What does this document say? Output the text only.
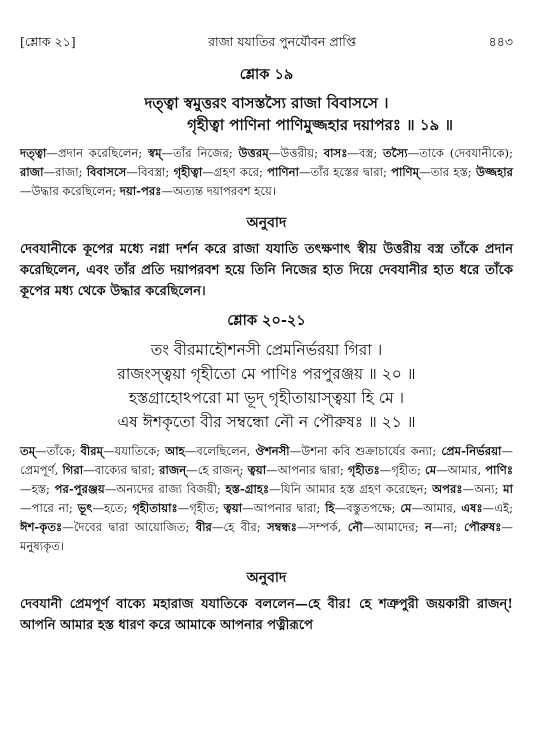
[শ্লোক ২১]	রাজা যযাতির পুনর্যৌবন প্রাপ্তি	৪৪৩
শ্লোক ১৯
দত্ত্বা স্বমুত্তরং বাসস্তস্যৈ রাজা বিবাসসে ।
গৃহীত্বা পাণিনা পাণিমুজ্জহার দয়াপরঃ ॥ ১৯ ॥
দত্ত্বা—প্রদান করেছিলেন; স্বম্—তাঁর নিজের; উত্তরম্—উত্তরীয়; বাসঃ—বস্ত্র; তস্যৈ—তাকে (দেবযানীকে); রাজা—রাজা; বিবাসসে—বিবস্ত্রা; গৃহীত্বা—গ্রহণ করে; পাণিনা—তাঁর হস্তের দ্বারা; পাণিম্—তার হস্ত; উজ্জহার—উদ্ধার করেছিলেন; দয়া-পরঃ—অত্যন্ত দয়াপরবশ হয়ে।
অনুবাদ
দেবযানীকে কূপের মধ্যে নগ্না দর্শন করে রাজা যযাতি তৎক্ষণাৎ স্বীয় উত্তরীয় বস্ত্র তাঁকে প্রদান করেছিলেন, এবং তাঁর প্রতি দয়াপরবশ হয়ে তিনি নিজের হাত দিয়ে দেবযানীর হাত ধরে তাঁকে কূপের মধ্য থেকে উদ্ধার করেছিলেন।
শ্লোক ২০-২১
তং বীরমাহৌশনসী প্রেমনির্ভরয়া গিরা ।
রাজংস্ত্বয়া গৃহীতো মে পাণিঃ পরপুরঞ্জয় ॥ ২০ ॥
হস্তগ্রাহোঽপরো মা ভূদ্ গৃহীতায়াস্ত্বয়া হি মে ।
এষ ঈশকৃতো বীর সম্বন্ধো নৌ ন পৌরুষঃ ॥ ২১ ॥
তম্—তাঁকে; বীরম্—যযাতিকে; আহ—বলেছিলেন, ঔশনসী—উশনা কবি শুক্রাচার্যের কন্যা; প্রেম-নির্ভরয়া—প্রেমপূর্ণ, গিরা—বাক্যের দ্বারা; রাজন্—হে রাজন্; ত্বয়া—আপনার দ্বারা; গৃহীতঃ—গৃহীত; মে—আমার, পাণিঃ—হস্ত; পর-পুরঞ্জয়—অন্যদের রাজ্য বিজয়ী; হস্ত-গ্রাহঃ—যিনি আমার হস্ত গ্রহণ করেছেন; অপরঃ—অন্য; মা—পারে না; ভূৎ—হতে; গৃহীতায়াঃ—গৃহীত; ত্বয়া—আপনার দ্বারা; হি—বস্তুতপক্ষে; মে—আমার, এষঃ—এই; ঈশ-কৃতঃ—দৈবের দ্বারা আয়োজিত; বীর—হে বীর; সম্বন্ধঃ—সম্পর্ক, নৌ—আমাদের; ন—না; পৌরুষঃ—মনুষ্যকৃত।
অনুবাদ
দেবযানী প্রেমপূর্ণ বাক্যে মহারাজ যযাতিকে বললেন—হে বীর! হে শত্রুপুরী জয়কারী রাজন্! আপনি আমার হস্ত ধারণ করে আমাকে আপনার পত্নীরূপে
